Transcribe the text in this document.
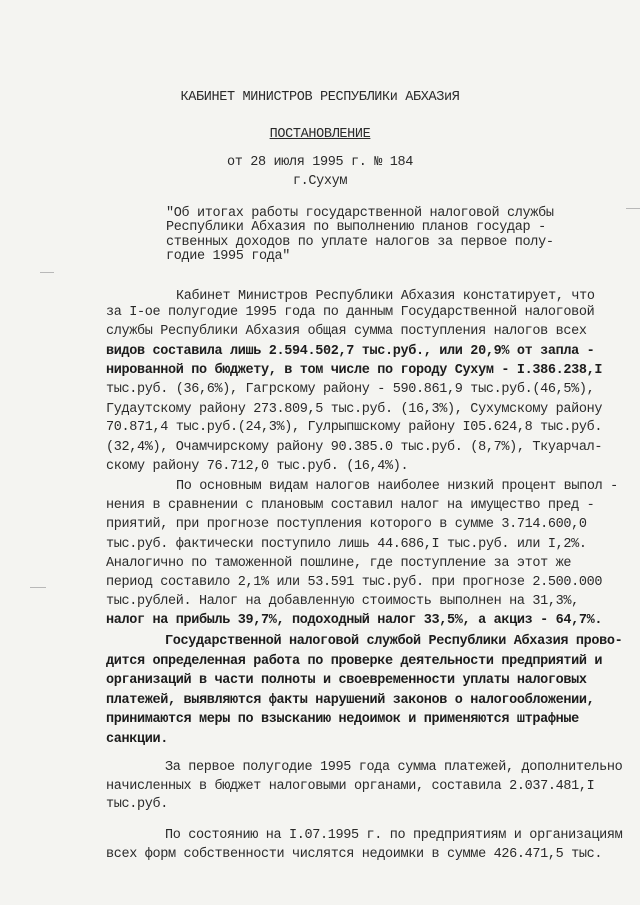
КАБИНЕТ МИНИСТРОВ РЕСПУБЛИКи АБХАЗиЯ

ПОСТАНОВЛЕНИЕ

от 28 июля 1995 г. № 184

г.Сухум

"Об итогах работы государственной налоговой службы

Республики Абхазия по выполнению планов государ -

ственных доходов по уплате налогов за первое полу-

годие 1995 года"

Кабинет Министров Республики Абхазия констатирует, что

за I-ое полугодие 1995 года по данным Государственной налоговой

службы Республики Абхазия общая сумма поступления налогов всех

видов составила лишь 2.594.502,7 тыс.руб., или 20,9% от запла -

нированной по бюджету, в том числе по городу Сухум - I.386.238,I

тыс.руб. (36,6%), Гагрскому району - 590.861,9 тыс.руб.(46,5%),

Гудаутскому району 273.809,5 тыс.руб. (16,3%), Сухумскому району

70.871,4 тыс.руб.(24,3%), Гулрыпшскому району I05.624,8 тыс.руб.

(32,4%), Очамчирскому району 90.385.0 тыс.руб. (8,7%), Ткуарчал-

скому району 76.712,0 тыс.руб. (16,4%).

По основным видам налогов наиболее низкий процент выпол -

нения в сравнении с плановым составил налог на имущество пред -

приятий, при прогнозе поступления которого в сумме 3.714.600,0

тыс.руб. фактически поступило лишь 44.686,I тыс.руб. или I,2%.

Аналогично по таможенной пошлине, где поступление за этот же

период составило 2,1% или 53.591 тыс.руб. при прогнозе 2.500.000

тыс.рублей. Налог на добавленную стоимость выполнен на 31,3%,

налог на прибыль 39,7%, подоходный налог 33,5%, а акциз - 64,7%.

Государственной налоговой службой Республики Абхазия прово-

дится определенная работа по проверке деятельности предприятий и

организаций в части полноты и своевременности уплаты налоговых

платежей, выявляются факты нарушений законов о налогообложении,

принимаются меры по взысканию недоимок и применяются штрафные

санкции.

За первое полугодие 1995 года сумма платежей, дополнительно

начисленных в бюджет налоговыми органами, составила 2.037.481,I

тыс.руб.

По состоянию на I.07.1995 г. по предприятиям и организациям

всех форм собственности числятся недоимки в сумме 426.471,5 тыс.
